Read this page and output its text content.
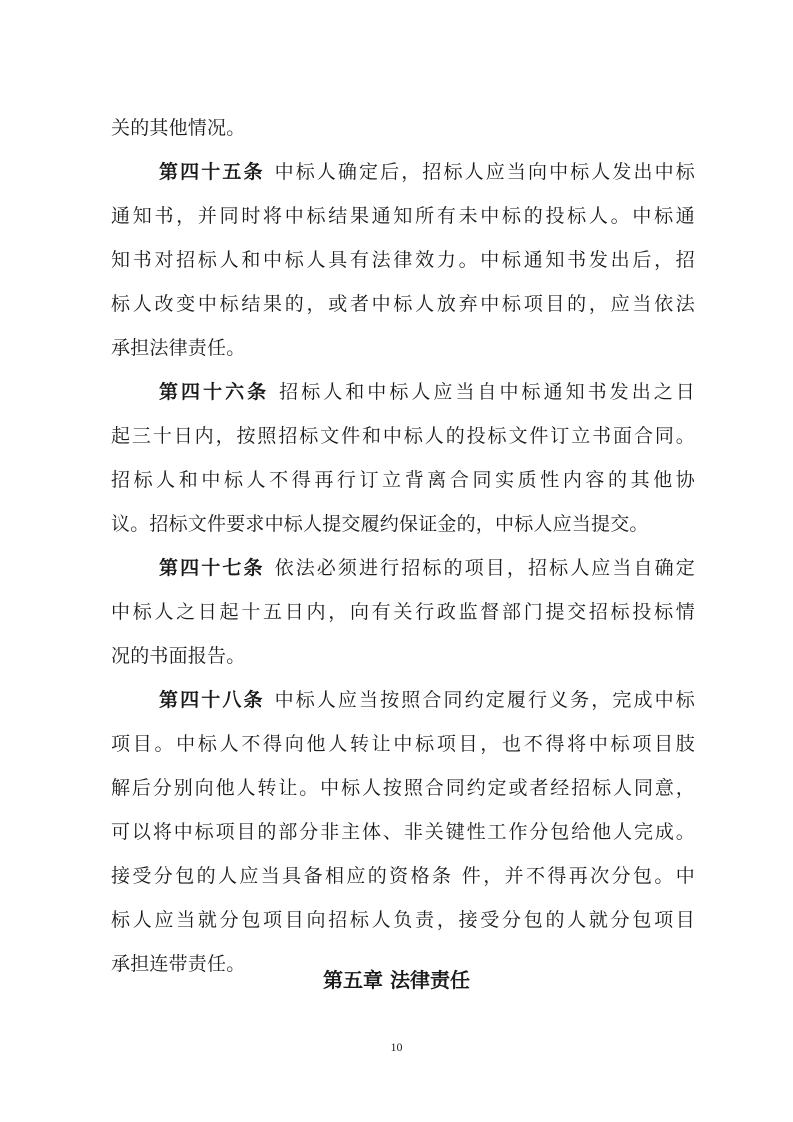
关的其他情况。
第四十五条 中标人确定后，招标人应当向中标人发出中标
通知书，并同时将中标结果通知所有未中标的投标人。中标通
知书对招标人和中标人具有法律效力。中标通知书发出后，招
标人改变中标结果的，或者中标人放弃中标项目的，应当依法
承担法律责任。
第四十六条 招标人和中标人应当自中标通知书发出之日
起三十日内，按照招标文件和中标人的投标文件订立书面合同。
招标人和中标人不得再行订立背离合同实质性内容的其他协
议。招标文件要求中标人提交履约保证金的，中标人应当提交。
第四十七条 依法必须进行招标的项目，招标人应当自确定
中标人之日起十五日内，向有关行政监督部门提交招标投标情
况的书面报告。
第四十八条 中标人应当按照合同约定履行义务，完成中标
项目。中标人不得向他人转让中标项目，也不得将中标项目肢
解后分别向他人转让。中标人按照合同约定或者经招标人同意，
可以将中标项目的部分非主体、非关键性工作分包给他人完成。
接受分包的人应当具备相应的资格条 件，并不得再次分包。中
标人应当就分包项目向招标人负责，接受分包的人就分包项目
承担连带责任。
第五章 法律责任
10
